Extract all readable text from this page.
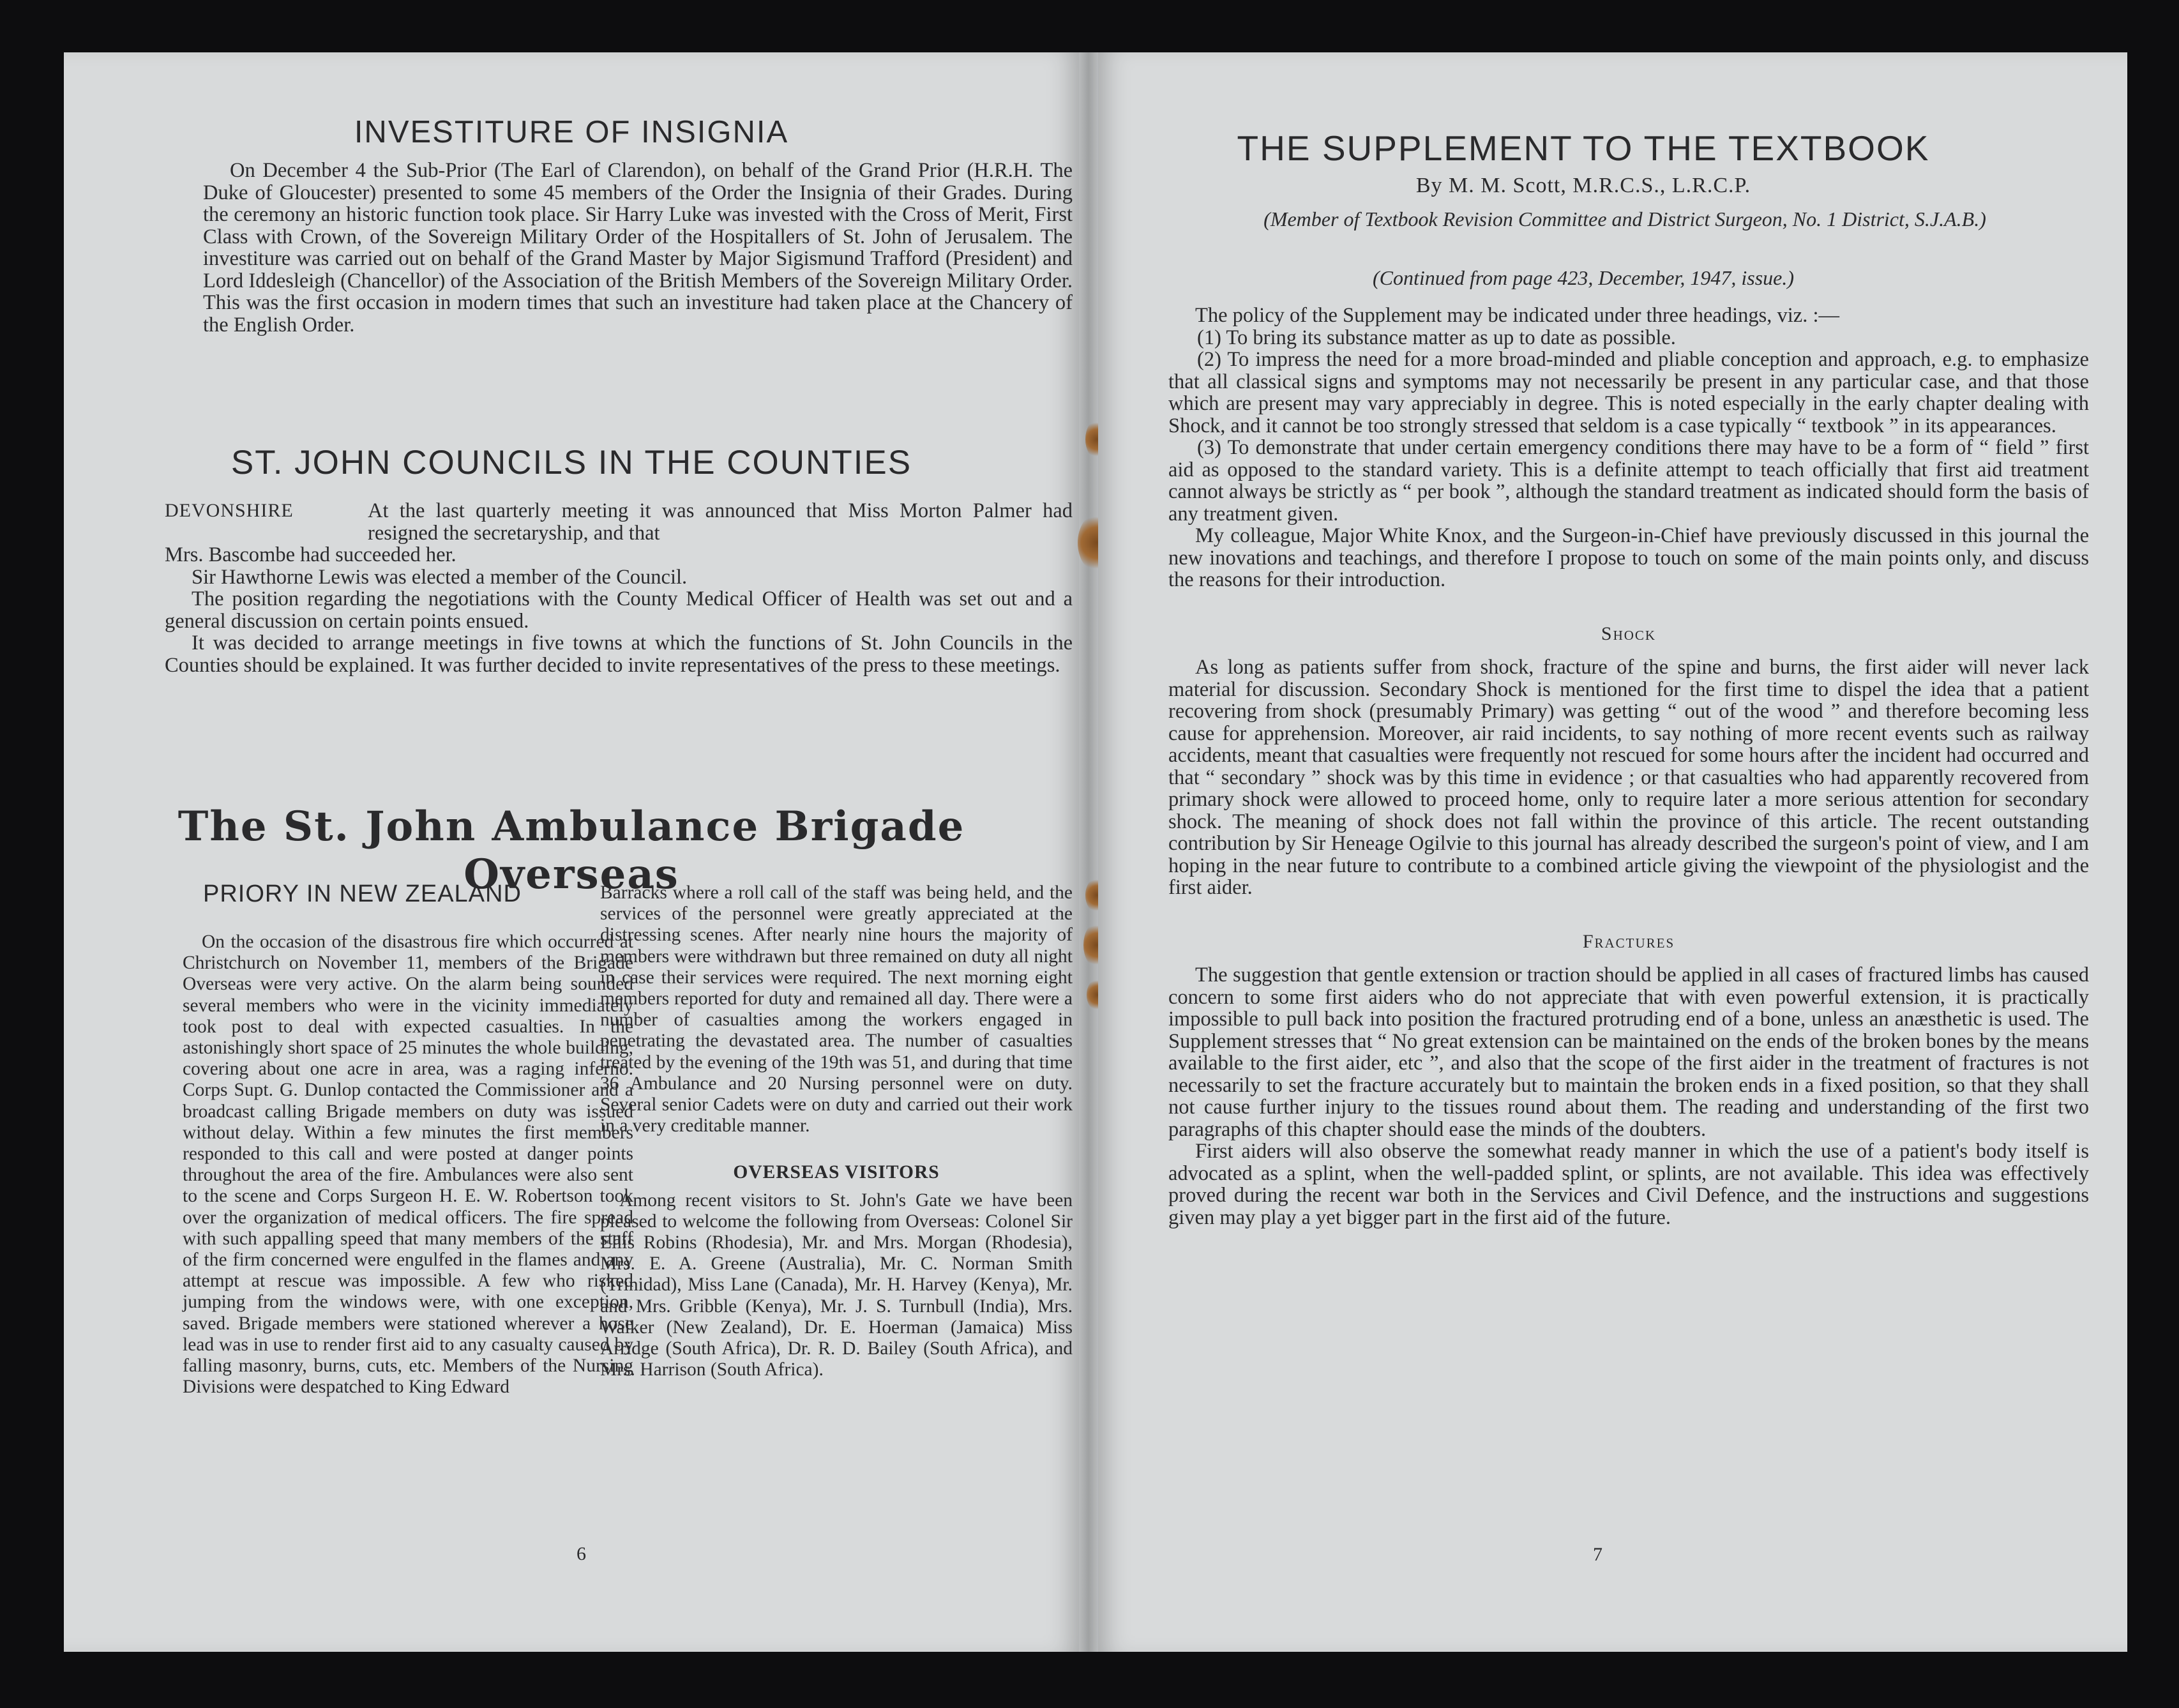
INVESTITURE OF INSIGNIA

On December 4 the Sub-Prior (The Earl of Clarendon), on behalf of the Grand Prior (H.R.H. The Duke of Gloucester) presented to some 45 members of the Order the Insignia of their Grades. During the ceremony an historic function took place. Sir Harry Luke was invested with the Cross of Merit, First Class with Crown, of the Sovereign Military Order of the Hospitallers of St. John of Jerusalem. The investiture was carried out on behalf of the Grand Master by Major Sigismund Trafford (President) and Lord Iddesleigh (Chancellor) of the Association of the British Members of the Sovereign Military Order. This was the first occasion in modern times that such an investiture had taken place at the Chancery of the English Order.

ST. JOHN COUNCILS IN THE COUNTIES
DEVONSHIRE	At the last quarterly meeting it was announced that Miss Morton Palmer had resigned the secretaryship, and that

Mrs. Bascombe had succeeded her.

Sir Hawthorne Lewis was elected a member of the Council.

The position regarding the negotiations with the County Medical Officer of Health was set out and a general discussion on certain points ensued.

It was decided to arrange meetings in five towns at which the functions of St. John Councils in the Counties should be explained. It was further decided to invite representatives of the press to these meetings.

The St. John Ambulance Brigade Overseas
PRIORY IN NEW ZEALAND

On the occasion of the disastrous fire which occurred at Christchurch on November 11, members of the Brigade Overseas were very active. On the alarm being sounded several members who were in the vicinity immediately took post to deal with expected casualties. In the astonishingly short space of 25 minutes the whole building, covering about one acre in area, was a raging inferno. Corps Supt. G. Dunlop contacted the Commissioner and a broadcast calling Brigade members on duty was issued without delay. Within a few minutes the first members responded to this call and were posted at danger points throughout the area of the fire. Ambulances were also sent to the scene and Corps Surgeon H. E. W. Robertson took over the organization of medical officers. The fire spread with such appalling speed that many members of the staff of the firm concerned were engulfed in the flames and any attempt at rescue was impossible. A few who risked jumping from the windows were, with one exception, saved. Brigade members were stationed wherever a hose lead was in use to render first aid to any casualty caused by falling masonry, burns, cuts, etc. Members of the Nursing Divisions were despatched to King Edward

Barracks where a roll call of the staff was being held, and the services of the personnel were greatly appreciated at the distressing scenes. After nearly nine hours the majority of members were withdrawn but three remained on duty all night in case their services were required. The next morning eight members reported for duty and remained all day. There were a number of casualties among the workers engaged in penetrating the devastated area. The number of casualties treated by the evening of the 19th was 51, and during that time 36 Ambulance and 20 Nursing personnel were on duty. Several senior Cadets were on duty and carried out their work in a very creditable manner.

OVERSEAS VISITORS

Among recent visitors to St. John's Gate we have been pleased to welcome the following from Overseas: Colonel Sir Ellis Robins (Rhodesia), Mr. and Mrs. Morgan (Rhodesia), Mrs. E. A. Greene (Australia), Mr. C. Norman Smith (Trinidad), Miss Lane (Canada), Mr. H. Harvey (Kenya), Mr. and Mrs. Gribble (Kenya), Mr. J. S. Turnbull (India), Mrs. Walker (New Zealand), Dr. E. Hoerman (Jamaica) Miss Arridge (South Africa), Dr. R. D. Bailey (South Africa), and Mrs. Harrison (South Africa).

6
THE SUPPLEMENT TO THE TEXTBOOK
By M. M. Scott, M.R.C.S., L.R.C.P.
(Member of Textbook Revision Committee and District Surgeon, No. 1 District, S.J.A.B.)
(Continued from page 423, December, 1947, issue.)

The policy of the Supplement may be indicated under three headings, viz. :—

(1) To bring its substance matter as up to date as possible.

(2) To impress the need for a more broad-minded and pliable conception and approach, e.g. to emphasize that all classical signs and symptoms may not necessarily be present in any particular case, and that those which are present may vary appreciably in degree. This is noted especially in the early chapter dealing with Shock, and it cannot be too strongly stressed that seldom is a case typically “ textbook ” in its appearances.

(3) To demonstrate that under certain emergency conditions there may have to be a form of “ field ” first aid as opposed to the standard variety. This is a definite attempt to teach officially that first aid treatment cannot always be strictly as “ per book ”, although the standard treatment as indicated should form the basis of any treatment given.

My colleague, Major White Knox, and the Surgeon-in-Chief have previously discussed in this journal the new inovations and teachings, and therefore I propose to touch on some of the main points only, and discuss the reasons for their introduction.

Shock

As long as patients suffer from shock, fracture of the spine and burns, the first aider will never lack material for discussion. Secondary Shock is mentioned for the first time to dispel the idea that a patient recovering from shock (presumably Primary) was getting “ out of the wood ” and therefore becoming less cause for apprehension. Moreover, air raid incidents, to say nothing of more recent events such as railway accidents, meant that casualties were frequently not rescued for some hours after the incident had occurred and that “ secondary ” shock was by this time in evidence ; or that casualties who had apparently recovered from primary shock were allowed to proceed home, only to require later a more serious attention for secondary shock. The meaning of shock does not fall within the province of this article. The recent outstanding contribution by Sir Heneage Ogilvie to this journal has already described the surgeon's point of view, and I am hoping in the near future to contribute to a combined article giving the viewpoint of the physiologist and the first aider.

Fractures

The suggestion that gentle extension or traction should be applied in all cases of fractured limbs has caused concern to some first aiders who do not appreciate that with even powerful extension, it is practically impossible to pull back into position the fractured protruding end of a bone, unless an anæsthetic is used. The Supplement stresses that “ No great extension can be maintained on the ends of the broken bones by the means available to the first aider, etc ”, and also that the scope of the first aider in the treatment of fractures is not necessarily to set the fracture accurately but to maintain the broken ends in a fixed position, so that they shall not cause further injury to the tissues round about them. The reading and understanding of the first two paragraphs of this chapter should ease the minds of the doubters.

First aiders will also observe the somewhat ready manner in which the use of a patient's body itself is advocated as a splint, when the well-padded splint, or splints, are not available. This idea was effectively proved during the recent war both in the Services and Civil Defence, and the instructions and suggestions given may play a yet bigger part in the first aid of the future.

7
